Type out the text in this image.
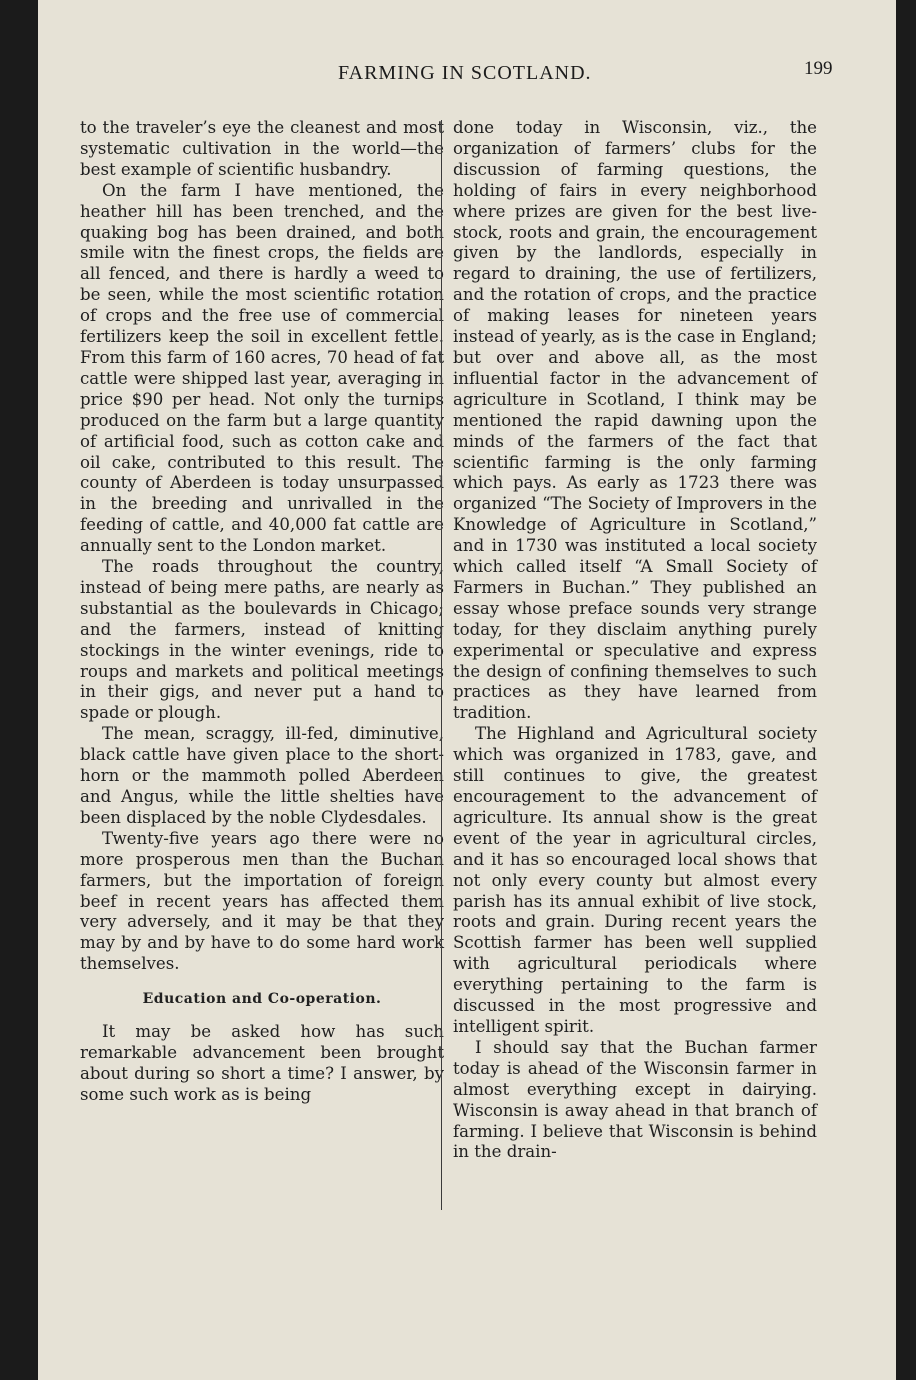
FARMING IN SCOTLAND.	199

to the traveler’s eye the cleanest and most systematic cultivation in the world—the best example of scientific husbandry.

On the farm I have mentioned, the heather hill has been trenched, and the quaking bog has been drained, and both smile witn the finest crops, the fields are all fenced, and there is hardly a weed to be seen, while the most scientific rotation of crops and the free use of commercial fertilizers keep the soil in excellent fettle. From this farm of 160 acres, 70 head of fat cattle were shipped last year, averaging in price $90 per head. Not only the turnips produced on the farm but a large quantity of artificial food, such as cotton cake and oil cake, contributed to this result. The county of Aberdeen is today unsurpassed in the breeding and unrivalled in the feeding of cattle, and 40,000 fat cattle are annually sent to the London market.

The roads throughout the country, instead of being mere paths, are nearly as substantial as the boulevards in Chicago; and the farmers, instead of knitting stockings in the winter evenings, ride to roups and markets and political meetings in their gigs, and never put a hand to spade or plough.

The mean, scraggy, ill-fed, diminutive, black cattle have given place to the short-horn or the mammoth polled Aberdeen and Angus, while the little shelties have been displaced by the noble Clydesdales.

Twenty-five years ago there were no more prosperous men than the Buchan farmers, but the importation of foreign beef in recent years has affected them very adversely, and it may be that they may by and by have to do some hard work themselves.

Education and Co-operation.

It may be asked how has such remarkable advancement been brought about during so short a time? I answer, by some such work as is being

done today in Wisconsin, viz., the organization of farmers’ clubs for the discussion of farming questions, the holding of fairs in every neighborhood where prizes are given for the best live-stock, roots and grain, the encouragement given by the landlords, especially in regard to draining, the use of fertilizers, and the rotation of crops, and the practice of making leases for nineteen years instead of yearly, as is the case in England; but over and above all, as the most influential factor in the advancement of agriculture in Scotland, I think may be mentioned the rapid dawning upon the minds of the farmers of the fact that scientific farming is the only farming which pays. As early as 1723 there was organized “The Society of Improvers in the Knowledge of Agriculture in Scotland,” and in 1730 was instituted a local society which called itself “A Small Society of Farmers in Buchan.” They published an essay whose preface sounds very strange today, for they disclaim anything purely experimental or speculative and express the design of confining themselves to such practices as they have learned from tradition.

The Highland and Agricultural society which was organized in 1783, gave, and still continues to give, the greatest encouragement to the advancement of agriculture. Its annual show is the great event of the year in agricultural circles, and it has so encouraged local shows that not only every county but almost every parish has its annual exhibit of live stock, roots and grain. During recent years the Scottish farmer has been well supplied with agricultural periodicals where everything pertaining to the farm is discussed in the most progressive and intelligent spirit.

I should say that the Buchan farmer today is ahead of the Wisconsin farmer in almost everything except in dairying. Wisconsin is away ahead in that branch of farming. I believe that Wisconsin is behind in the drain-
